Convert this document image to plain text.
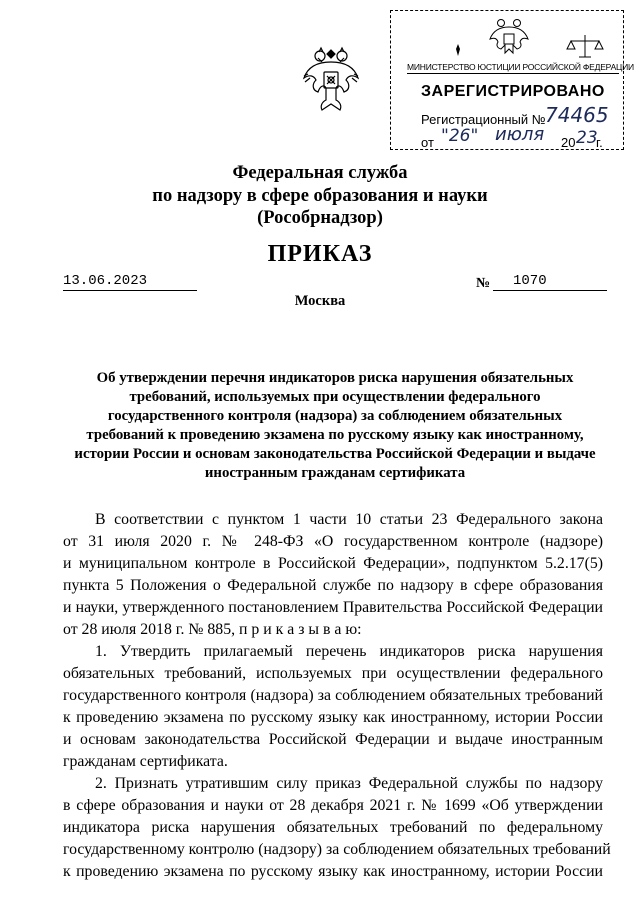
МИНИСТЕРСТВО ЮСТИЦИИ РОССИЙСКОЙ ФЕДЕРАЦИИ
ЗАРЕГИСТРИРОВАНО
Регистрационный № 74465
от "26" июля 20 23
г.
Федеральная служба
по надзору в сфере образования и науки
(Рособрнадзор)
ПРИКАЗ
13.06.2023	№	1070
Москва
Об утверждении перечня индикаторов риска нарушения обязательных
требований, используемых при осуществлении федерального
государственного контроля (надзора) за соблюдением обязательных
требований к проведению экзамена по русскому языку как иностранному,
истории России и основам законодательства Российской Федерации и выдаче
иностранным гражданам сертификата
В соответствии с пунктом 1 части 10 статьи 23 Федерального закона
от 31 июля 2020 г. № 248-ФЗ «О государственном контроле (надзоре)
и муниципальном контроле в Российской Федерации», подпунктом 5.2.17(5)
пункта 5 Положения о Федеральной службе по надзору в сфере образования
и науки, утвержденного постановлением Правительства Российской Федерации
от 28 июля 2018 г. № 885, п р и к а з ы в а ю:
1. Утвердить прилагаемый перечень индикаторов риска нарушения
обязательных требований, используемых при осуществлении федерального
государственного контроля (надзора) за соблюдением обязательных требований
к проведению экзамена по русскому языку как иностранному, истории России
и основам законодательства Российской Федерации и выдаче иностранным
гражданам сертификата.
2. Признать утратившим силу приказ Федеральной службы по надзору
в сфере образования и науки от 28 декабря 2021 г. № 1699 «Об утверждении
индикатора риска нарушения обязательных требований по федеральному
государственному контролю (надзору) за соблюдением обязательных требований
к проведению экзамена по русскому языку как иностранному, истории России
